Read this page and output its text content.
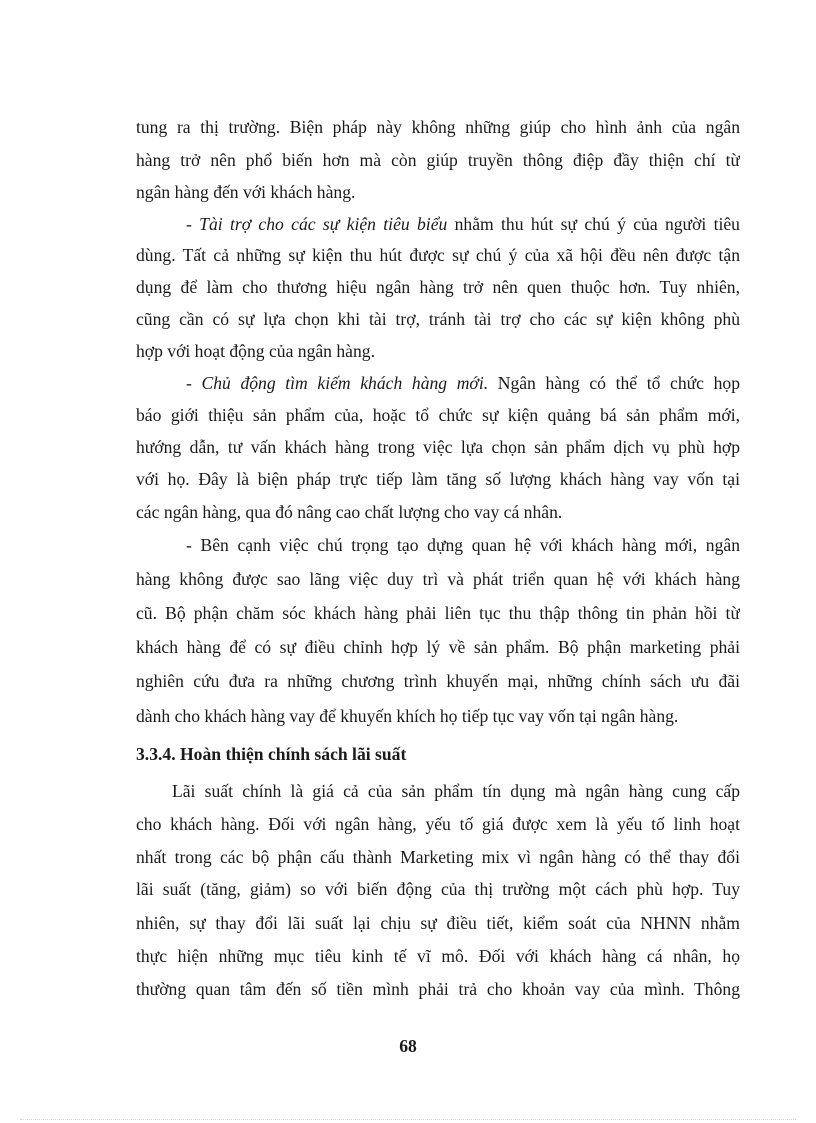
tung ra thị trường. Biện pháp này không những giúp cho hình ảnh của ngân
hàng trở nên phổ biến hơn mà còn giúp truyền thông điệp đầy thiện chí từ
ngân hàng đến với khách hàng.
- Tài trợ cho các sự kiện tiêu biểu nhằm thu hút sự chú ý của người tiêu
dùng. Tất cả những sự kiện thu hút được sự chú ý của xã hội đều nên được tận
dụng để làm cho thương hiệu ngân hàng trở nên quen thuộc hơn. Tuy nhiên,
cũng cần có sự lựa chọn khi tài trợ, tránh tài trợ cho các sự kiện không phù
hợp với hoạt động của ngân hàng.
- Chủ động tìm kiếm khách hàng mới. Ngân hàng có thể tổ chức họp
báo giới thiệu sản phẩm của, hoặc tổ chức sự kiện quảng bá sản phẩm mới,
hướng dẫn, tư vấn khách hàng trong việc lựa chọn sản phẩm dịch vụ phù hợp
với họ. Đây là biện pháp trực tiếp làm tăng số lượng khách hàng vay vốn tại
các ngân hàng, qua đó nâng cao chất lượng cho vay cá nhân.
- Bên cạnh việc chú trọng tạo dựng quan hệ với khách hàng mới, ngân
hàng không được sao lãng việc duy trì và phát triển quan hệ với khách hàng
cũ. Bộ phận chăm sóc khách hàng phải liên tục thu thập thông tin phản hồi từ
khách hàng để có sự điều chỉnh hợp lý về sản phẩm. Bộ phận marketing phải
nghiên cứu đưa ra những chương trình khuyến mại, những chính sách ưu đãi
dành cho khách hàng vay để khuyến khích họ tiếp tục vay vốn tại ngân hàng.
3.3.4. Hoàn thiện chính sách lãi suất
Lãi suất chính là giá cả của sản phẩm tín dụng mà ngân hàng cung cấp
cho khách hàng. Đối với ngân hàng, yếu tố giá được xem là yếu tố linh hoạt
nhất trong các bộ phận cấu thành Marketing mix vì ngân hàng có thể thay đổi
lãi suất (tăng, giảm) so với biến động của thị trường một cách phù hợp. Tuy
nhiên, sự thay đổi lãi suất lại chịu sự điều tiết, kiểm soát của NHNN nhằm
thực hiện những mục tiêu kinh tế vĩ mô. Đối với khách hàng cá nhân, họ
thường quan tâm đến số tiền mình phải trả cho khoản vay của mình. Thông
68
